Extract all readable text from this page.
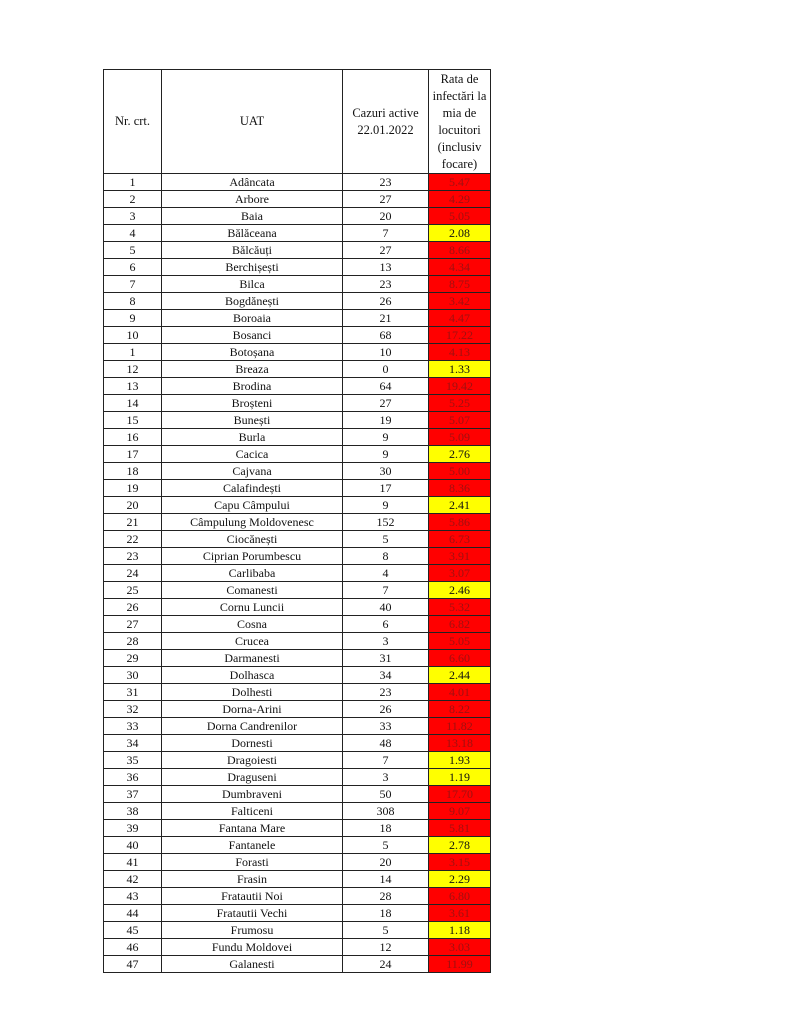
Nr. crt.	UAT	Cazuri active 22.01.2022	Rata de infectări la mia de locuitori (inclusiv focare)
1	Adâncata	23	5.47
2	Arbore	27	4.29
3	Baia	20	5.05
4	Bălăceana	7	2.08
5	Bălcăuți	27	8.66
6	Berchișești	13	4.34
7	Bilca	23	8.75
8	Bogdănești	26	3.42
9	Boroaia	21	4.47
10	Bosanci	68	17.22
1	Botoșana	10	4.13
12	Breaza	0	1.33
13	Brodina	64	19.42
14	Broșteni	27	5.25
15	Bunești	19	5.07
16	Burla	9	5.09
17	Cacica	9	2.76
18	Cajvana	30	5.00
19	Calafindești	17	8.36
20	Capu Câmpului	9	2.41
21	Câmpulung Moldovenesc	152	5.86
22	Ciocănești	5	6.73
23	Ciprian Porumbescu	8	3.91
24	Carlibaba	4	3.07
25	Comanesti	7	2.46
26	Cornu Luncii	40	5.32
27	Cosna	6	6.82
28	Crucea	3	5.05
29	Darmanesti	31	6.60
30	Dolhasca	34	2.44
31	Dolhesti	23	4.01
32	Dorna-Arini	26	8.22
33	Dorna Candrenilor	33	11.82
34	Dornesti	48	13.18
35	Dragoiesti	7	1.93
36	Draguseni	3	1.19
37	Dumbraveni	50	17.70
38	Falticeni	308	9.07
39	Fantana Mare	18	5.81
40	Fantanele	5	2.78
41	Forasti	20	3.15
42	Frasin	14	2.29
43	Fratautii Noi	28	6.80
44	Fratautii Vechi	18	3.61
45	Frumosu	5	1.18
46	Fundu Moldovei	12	3.03
47	Galanesti	24	11.99
